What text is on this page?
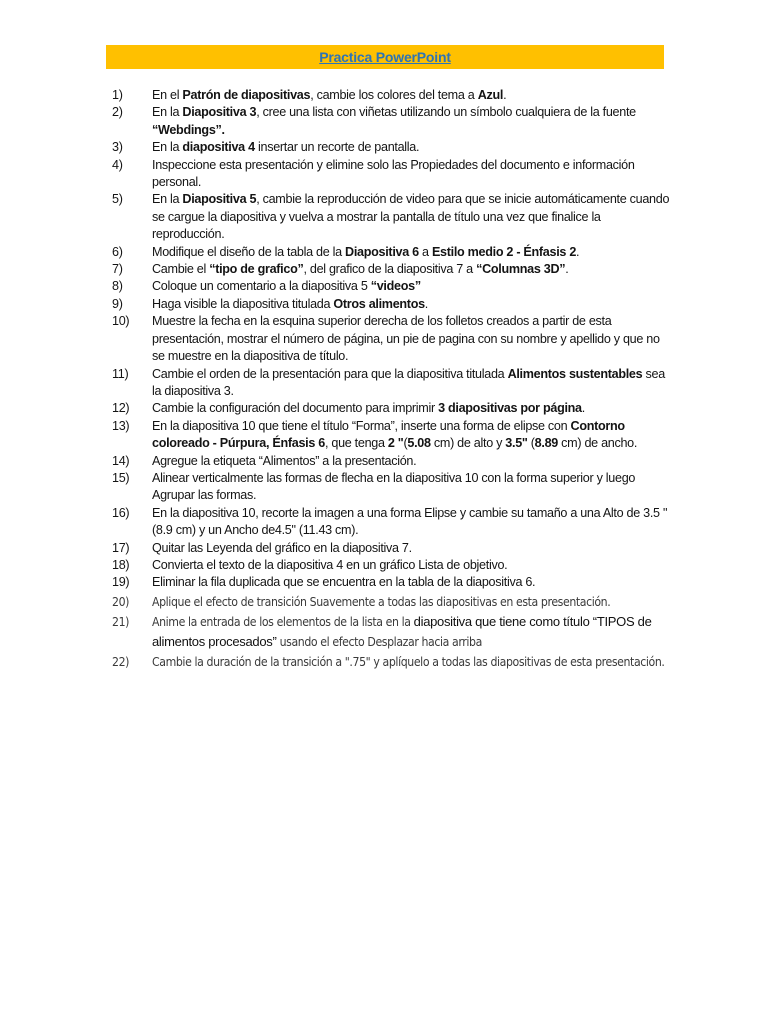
Practica PowerPoint
1) En el Patrón de diapositivas, cambie los colores del tema a Azul.
2) En la Diapositiva 3, cree una lista con viñetas utilizando un símbolo cualquiera de la fuente “Webdings”.
3) En la diapositiva 4 insertar un recorte de pantalla.
4) Inspeccione esta presentación y elimine solo las Propiedades del documento e información personal.
5) En la Diapositiva 5, cambie la reproducción de video para que se inicie automáticamente cuando se cargue la diapositiva y vuelva a mostrar la pantalla de título una vez que finalice la reproducción.
6) Modifique el diseño de la tabla de la Diapositiva 6 a Estilo medio 2 - Énfasis 2.
7) Cambie el “tipo de grafico”, del grafico de la diapositiva 7 a “Columnas 3D”.
8) Coloque un comentario a la diapositiva 5 “videos”
9) Haga visible la diapositiva titulada Otros alimentos.
10) Muestre la fecha en la esquina superior derecha de los folletos creados a partir de esta presentación, mostrar el número de página, un pie de pagina con su nombre y apellido y que no se muestre en la diapositiva de título.
11) Cambie el orden de la presentación para que la diapositiva titulada Alimentos sustentables sea la diapositiva 3.
12) Cambie la configuración del documento para imprimir 3 diapositivas por página.
13) En la diapositiva 10 que tiene el título “Forma”, inserte una forma de elipse con Contorno coloreado - Púrpura, Énfasis 6, que tenga 2 "(5.08 cm) de alto y 3.5" (8.89 cm) de ancho.
14) Agregue la etiqueta “Alimentos” a la presentación.
15) Alinear verticalmente las formas de flecha en la diapositiva 10 con la forma superior y luego Agrupar las formas.
16) En la diapositiva 10, recorte la imagen a una forma Elipse y cambie su tamaño a una Alto de 3.5 "(8.9 cm) y un Ancho de4.5" (11.43 cm).
17) Quitar las Leyenda del gráfico en la diapositiva 7.
18) Convierta el texto de la diapositiva 4 en un gráfico Lista de objetivo.
19) Eliminar la fila duplicada que se encuentra en la tabla de la diapositiva 6.
20) Aplique el efecto de transición Suavemente a todas las diapositivas en esta presentación.
21) Anime la entrada de los elementos de la lista en la diapositiva que tiene como título “TIPOS de alimentos procesados” usando el efecto Desplazar hacia arriba
22) Cambie la duración de la transición a ".75" y aplíquelo a todas las diapositivas de esta presentación.
